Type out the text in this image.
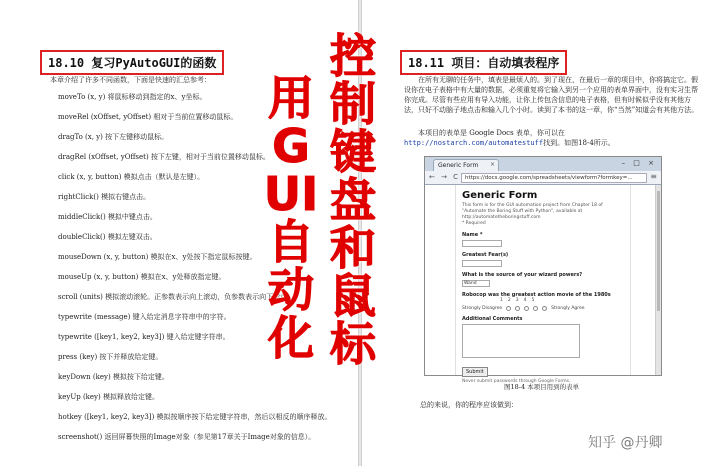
18.10 复习PyAutoGUI的函数
本章介绍了许多不同函数，下面是快速的汇总参考：
moveTo (x, y) 将鼠标移动到指定的x、y坐标。
moveRel (xOffset, yOffset) 相对于当前位置移动鼠标。
dragTo (x, y) 按下左键移动鼠标。
dragRel (xOffset, yOffset) 按下左键，相对于当前位置移动鼠标。
click (x, y, button) 模拟点击（默认是左键）。
rightClick() 模拟右键点击。
middleClick() 模拟中键点击。
doubleClick() 模拟左键双击。
mouseDown (x, y, button) 模拟在x、y处按下指定鼠标按键。
mouseUp (x, y, button) 模拟在x、y处释放指定键。
scroll (units) 模拟滚动滚轮。正参数表示向上滚动，负参数表示向下滚动。
typewrite (message) 键入给定消息字符串中的字符。
typewrite ([key1, key2, key3]) 键入给定键字符串。
press (key) 按下并释放给定键。
keyDown (key) 模拟按下给定键。
keyUp (key) 模拟释放给定键。
hotkey ([key1, key2, key3]) 模拟按顺序按下给定键字符串，然后以相反的顺序释放。
screenshot() 返回屏幕快照的Image对象（参见第17章关于Image对象的信息）。
18.11 项目：自动填表程序

在所有无聊的任务中，填表是最烦人的。到了现在，在最后一章的项目中，你将搞定它。假设你在电子表格中有大量的数据，必须重复将它输入到另一个应用的表单界面中，没有实习生帮你完成。尽管有些应用有导入功能，让你上传包含信息的电子表格，但有时候似乎没有其他方法，只好不动脑子地点击和输入几个小时。读到了本书的这一章，你“当然”知道会有其他方法。

本项目的表单是 Google Docs 表单，你可以在
http://nostarch.com/automatestuff找到。如图18-4所示。

Generic Form ×	– □ ×
← → C https://docs.google.com/spreadsheets/viewform?formkey=...	≡
Generic Form
This form is for the GUI automation project from Chapter 18 of "Automate the Boring Stuff with Python", available at http://automatetheboringstuff.com
* Required
Name *
Greatest Fear(s)
What is the source of your wizard powers?
Wand
Robocop was the greatest action movie of the 1980s
1 2 3 4 5
Strongly Disagree	Strongly Agree
Additional Comments
Submit
Never submit passwords through Google Forms.
图18-4 本项目用到的表单

总的来说，你的程序应该做到：

控制键盘和鼠标
用GUI自动化
知乎 @丹卿
